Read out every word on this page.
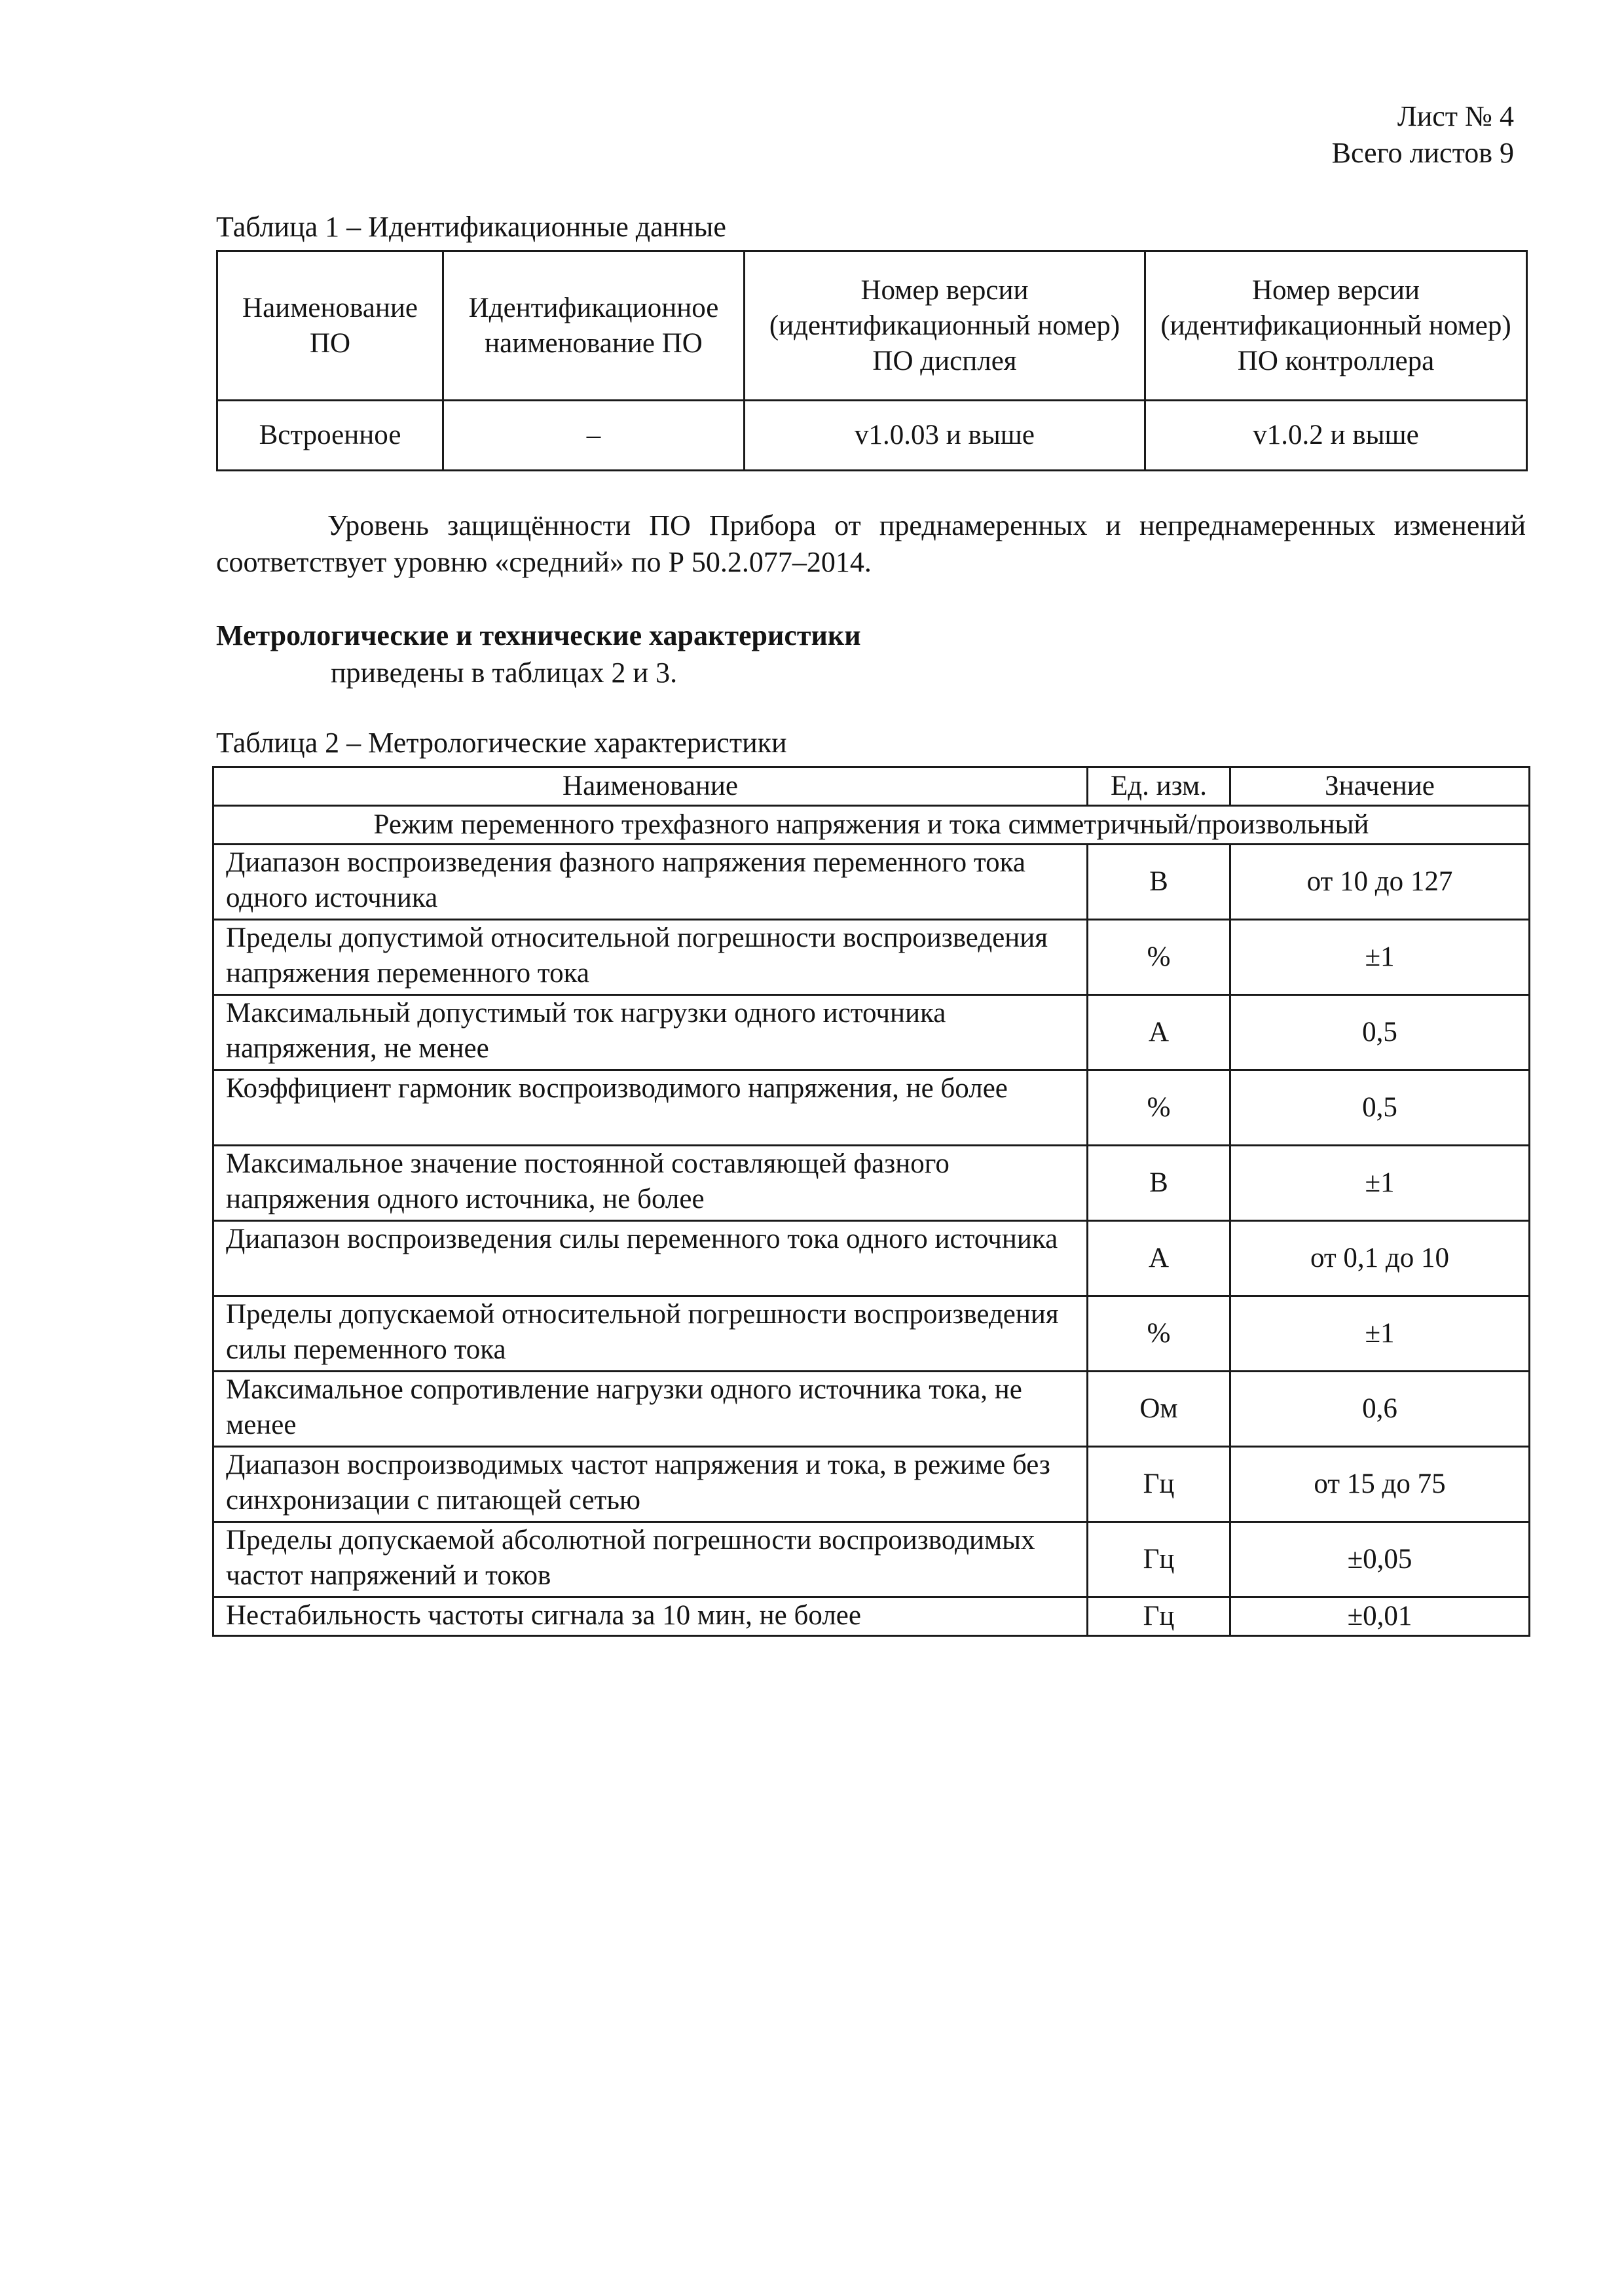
Лист № 4
Всего листов 9
Таблица 1 – Идентификационные данные
Наименование ПО	Идентификационное наименование ПО	Номер версии (идентификационный номер) ПО дисплея	Номер версии (идентификационный номер) ПО контроллера
Встроенное	–	v1.0.03 и выше	v1.0.2 и выше
Уровень защищённости ПО Прибора от преднамеренных и непреднамеренных изменений соответствует уровню «средний» по Р 50.2.077–2014.
Метрологические и технические характеристики
приведены в таблицах 2 и 3.
Таблица 2 – Метрологические характеристики
Наименование	Ед. изм.	Значение
Режим переменного трехфазного напряжения и тока симметричный/произвольный		
Диапазон воспроизведения фазного напряжения переменного тока одного источника	В	от 10 до 127
Пределы допустимой относительной погрешности воспроизведения напряжения переменного тока	%	±1
Максимальный допустимый ток нагрузки одного источника напряжения, не менее	А	0,5
Коэффициент гармоник воспроизводимого напряжения, не более	%	0,5
Максимальное значение постоянной составляющей фазного напряжения одного источника, не более	В	±1
Диапазон воспроизведения силы переменного тока одного источника	А	от 0,1 до 10
Пределы допускаемой относительной погрешности воспроизведения силы переменного тока	%	±1
Максимальное сопротивление нагрузки одного источника тока, не менее	Ом	0,6
Диапазон воспроизводимых частот напряжения и тока, в режиме без синхронизации с питающей сетью	Гц	от 15 до 75
Пределы допускаемой абсолютной погрешности воспроизводимых частот напряжений и токов	Гц	±0,05
Нестабильность частоты сигнала за 10 мин, не более	Гц	±0,01
